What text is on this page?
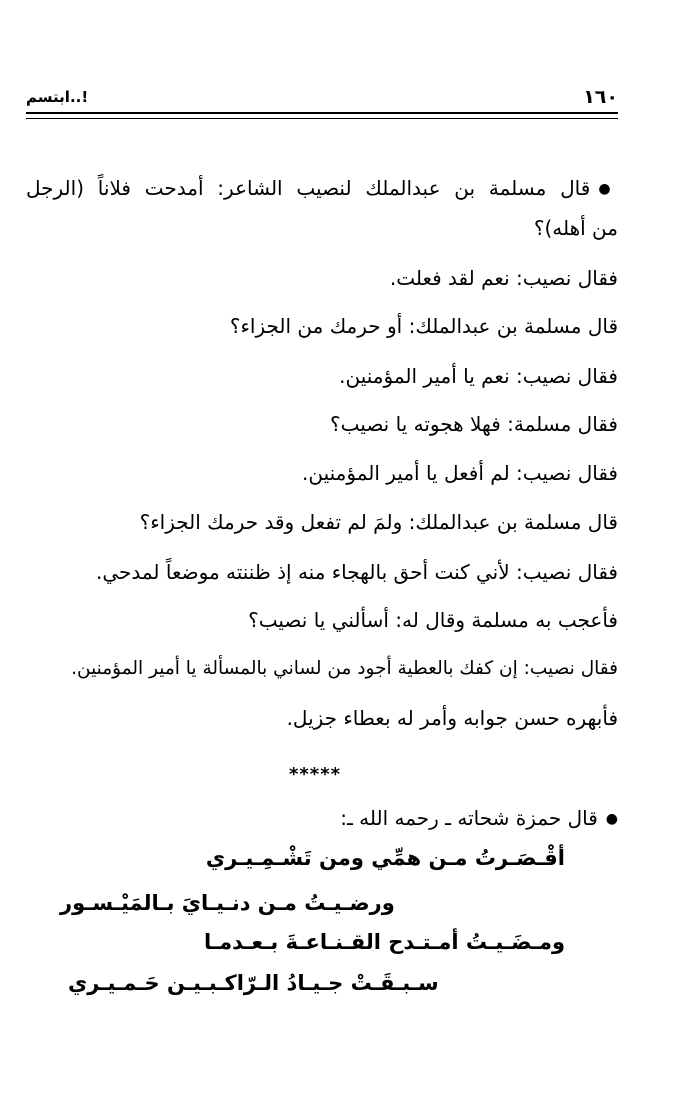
١٦٠
ابتسم..!
● قال مسلمة بن عبدالملك لنصيب الشاعر: أمدحت فلاناً (الرجل
من أهله)؟
فقال نصيب: نعم لقد فعلت.
قال مسلمة بن عبدالملك: أو حرمك من الجزاء؟
فقال نصيب: نعم يا أمير المؤمنين.
فقال مسلمة: فهلا هجوته يا نصيب؟
فقال نصيب: لم أفعل يا أمير المؤمنين.
قال مسلمة بن عبدالملك: ولمَ لم تفعل وقد حرمك الجزاء؟
فقال نصيب: لأني كنت أحق بالهجاء منه إذ ظننته موضعاً لمدحي.
فأعجب به مسلمة وقال له: أسألني يا نصيب؟
فقال نصيب: إن كفك بالعطية أجود من لساني بالمسألة يا أمير المؤمنين.
فأبهره حسن جوابه وأمر له بعطاء جزيل.
*****
● قال حمزة شحاته ـ رحمه الله ـ:
أقْـصَـرتُ مـن همِّي ومن تَشْـمِـيـري
ورضـيـتُ مـن دنـيـايَ بـالمَيْـسـور
ومـضَـيـتُ أمـتـدح القـنـاعـةَ بـعـدمـا
سـبـقَـتْ جـيـادُ الـرّاكـبـيـن حَـمـيـري
